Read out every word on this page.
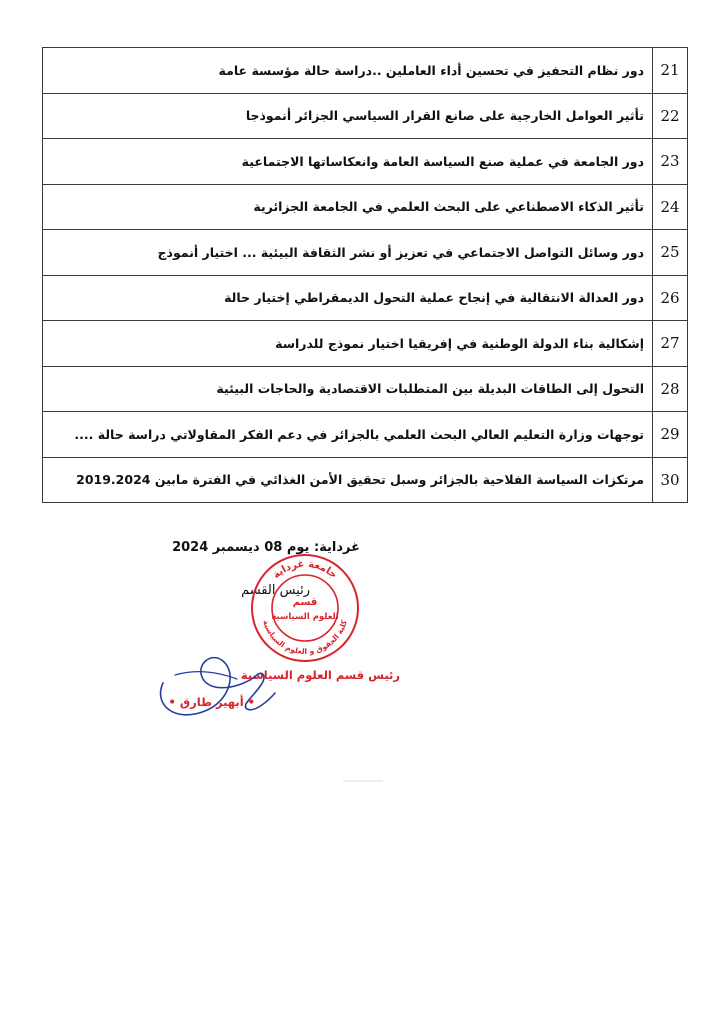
21	دور نظام التحفيز في تحسين أداء العاملين ..دراسة حالة مؤسسة عامة
22	تأثير العوامل الخارجية على صانع القرار السياسي الجزائر أنموذجا
23	دور الجامعة في عملية صنع السياسة العامة وانعكاساتها الاجتماعية
24	تأثير الذكاء الاصطناعي على البحث العلمي في الجامعة الجزائرية
25	دور وسائل التواصل الاجتماعي في تعزيز أو نشر الثقافة البيئية ... اختيار أنموذج
26	دور العدالة الانتقالية في إنجاح عملية التحول الديمقراطي إختيار حالة
27	إشكالية بناء الدولة الوطنية في إفريقيا اختيار نموذج للدراسة
28	التحول إلى الطاقات البديلة بين المتطلبات الاقتصادية والحاجات البيئية
29	توجهات وزارة التعليم العالي البحث العلمي بالجزائر في دعم الفكر المقاولاتي دراسة حالة ....
30	مرتكزات السياسة الفلاحية بالجزائر وسبل تحقيق الأمن الغذائي في الفترة مابين 2019.2024
غرداية: يوم 08 ديسمبر 2024
رئيس القسم
جامعة غرداية
كلية الحقوق و العلوم السياسية
قسم
العلوم السياسية
رئيس قسم العلوم السياسية
• أبهير طارق •
